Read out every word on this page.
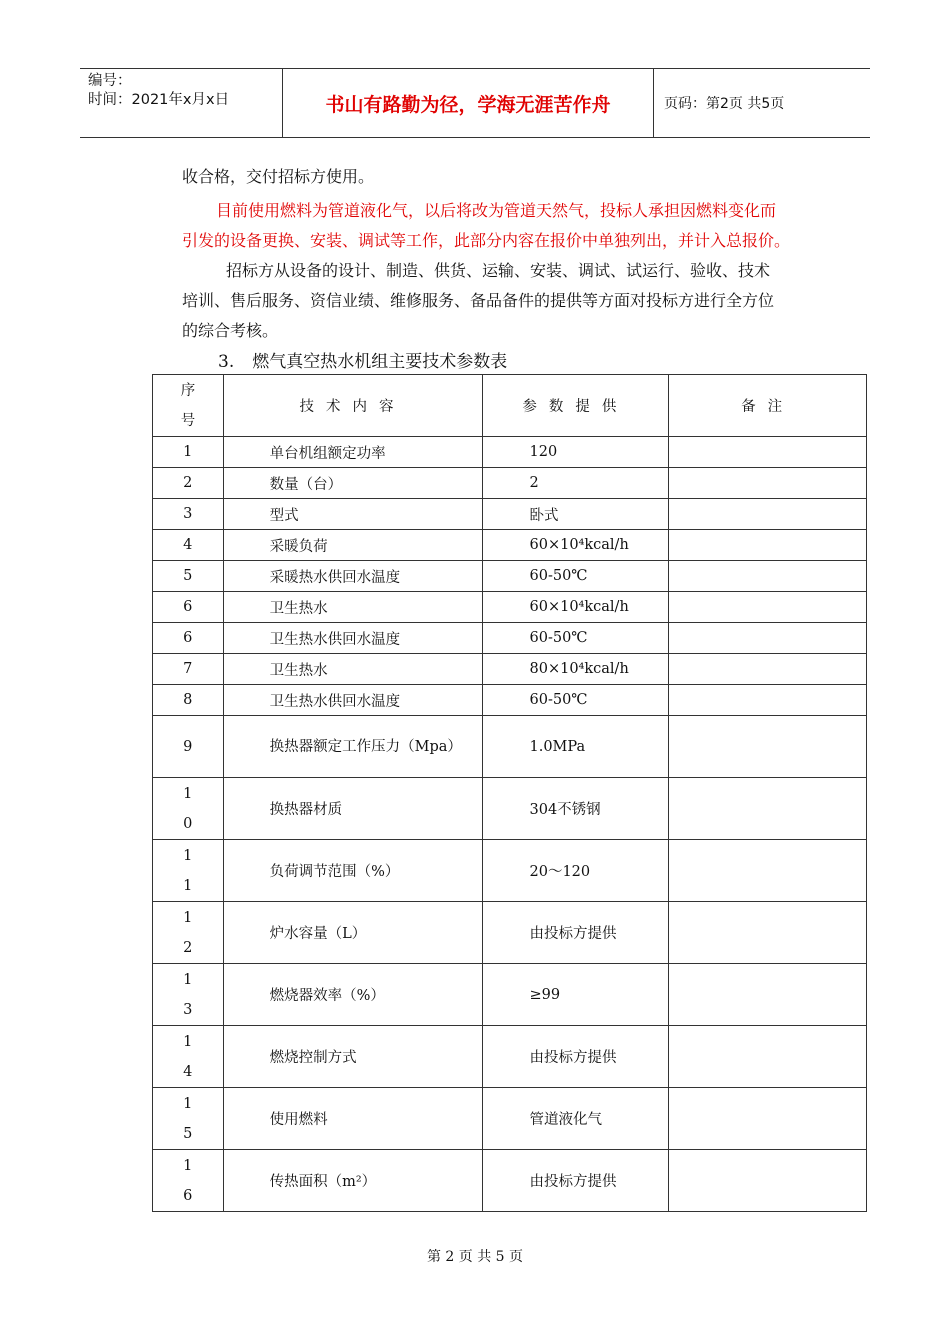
编号：
时间：2021年x月x日	书山有路勤为径，学海无涯苦作舟	页码：第2页 共5页
收合格，交付招标方使用。
目前使用燃料为管道液化气，以后将改为管道天然气，投标人承担因燃料变化而
引发的设备更换、安装、调试等工作，此部分内容在报价中单独列出，并计入总报价。
招标方从设备的设计、制造、供货、运输、安装、调试、试运行、验收、技术
培训、售后服务、资信业绩、维修服务、备品备件的提供等方面对投标方进行全方位
的综合考核。
3. 燃气真空热水机组主要技术参数表
序号	技术内容	参数提供	备注
1	单台机组额定功率	120	
2	数量（台）	2	
3	型式	卧式	
4	采暖负荷	60×10⁴kcal/h	
5	采暖热水供回水温度	60-50℃	
6	卫生热水	60×10⁴kcal/h	
6	卫生热水供回水温度	60-50℃	
7	卫生热水	80×10⁴kcal/h	
8	卫生热水供回水温度	60-50℃	
9	换热器额定工作压力（Mpa）	1.0MPa	
10	换热器材质	304不锈钢	
11	负荷调节范围（%）	20～120	
12	炉水容量（L）	由投标方提供	
13	燃烧器效率（%）	≥99	
14	燃烧控制方式	由投标方提供	
15	使用燃料	管道液化气	
16	传热面积（m²）	由投标方提供	
第 2 页 共 5 页
